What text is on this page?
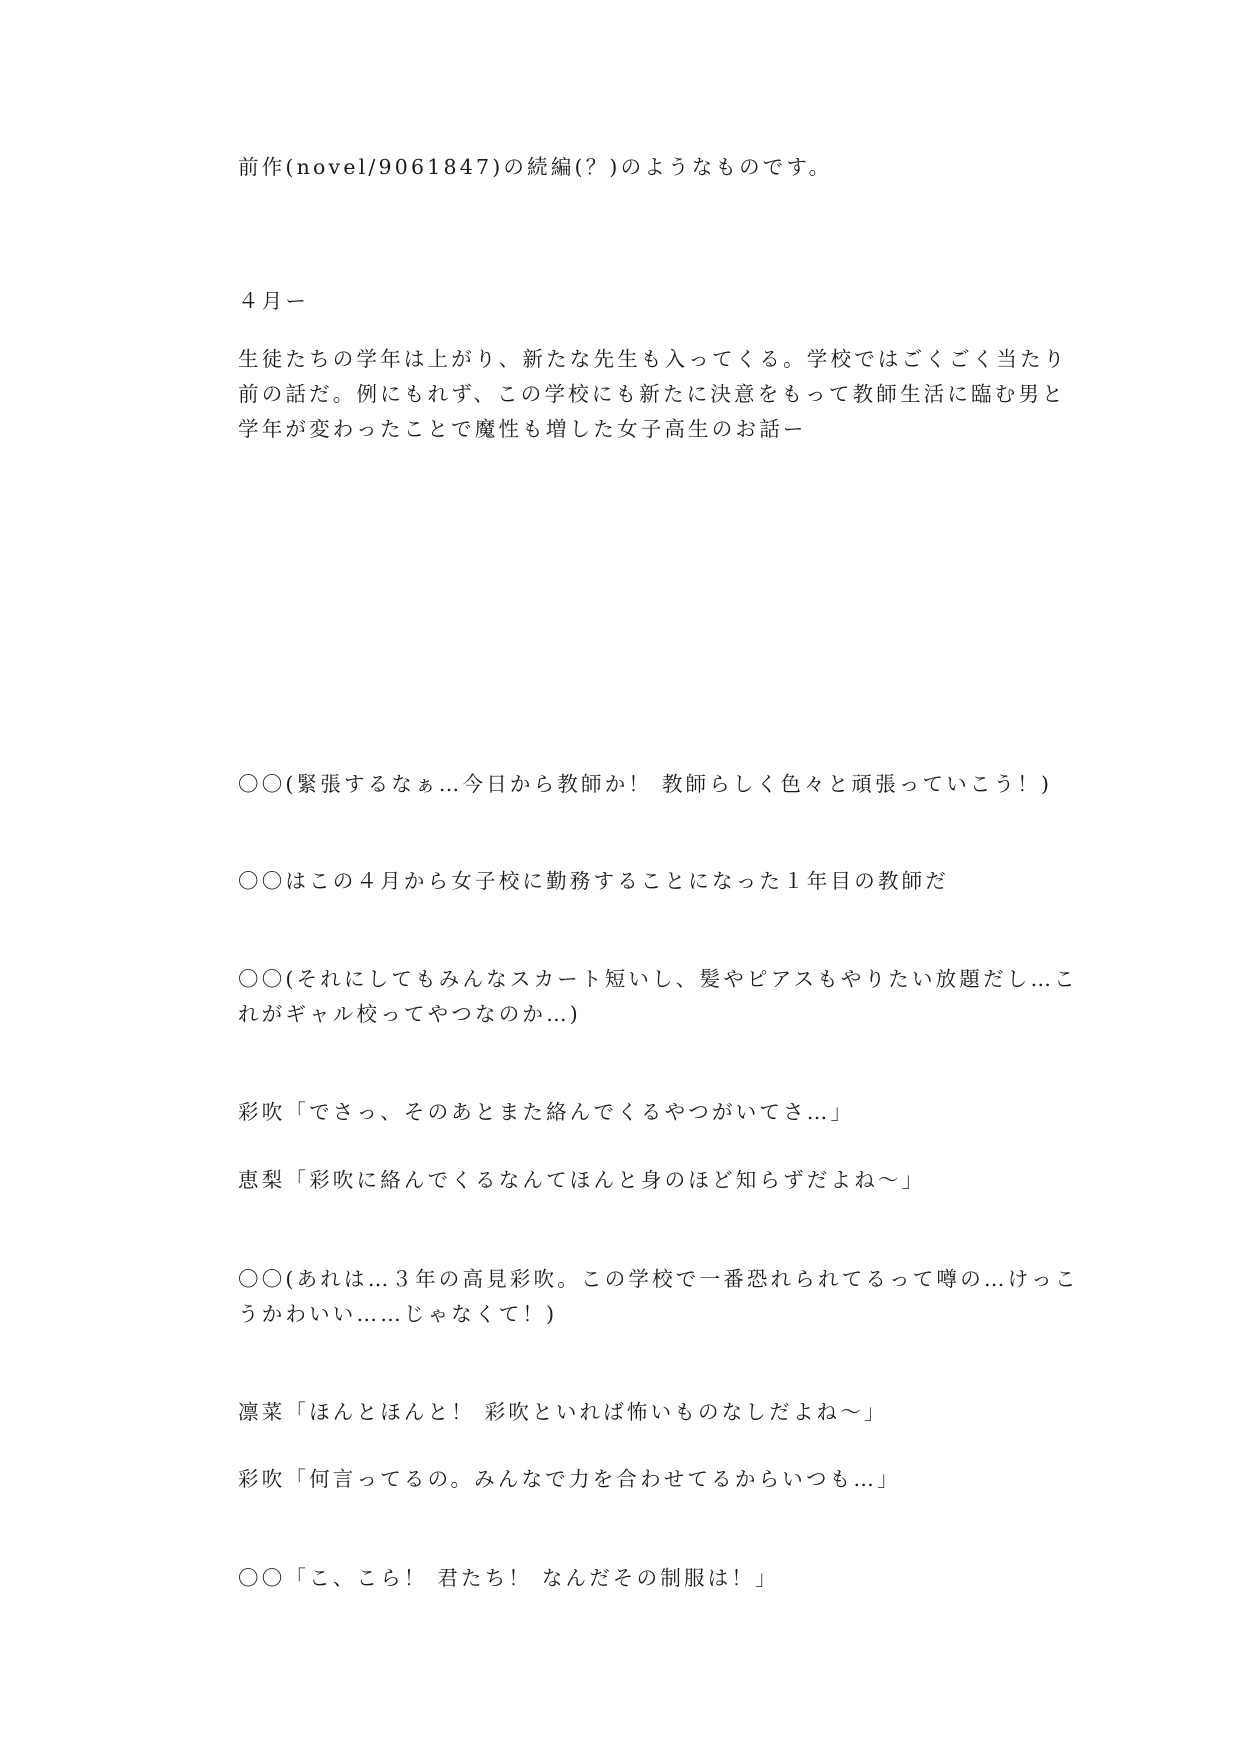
前作(novel/9061847)の続編(？)のようなものです。
４月ー
生徒たちの学年は上がり、新たな先生も入ってくる。学校ではごくごく当たり
前の話だ。例にもれず、この学校にも新たに決意をもって教師生活に臨む男と
学年が変わったことで魔性も増した女子高生のお話ー
〇〇(緊張するなぁ…今日から教師か！ 教師らしく色々と頑張っていこう！)
〇〇はこの４月から女子校に勤務することになった１年目の教師だ
〇〇(それにしてもみんなスカート短いし、髪やピアスもやりたい放題だし…こ
れがギャル校ってやつなのか…)
彩吹「でさっ、そのあとまた絡んでくるやつがいてさ…」
恵梨「彩吹に絡んでくるなんてほんと身のほど知らずだよね～」
〇〇(あれは…３年の高見彩吹。この学校で一番恐れられてるって噂の…けっこ
うかわいい……じゃなくて！)
凛菜「ほんとほんと！ 彩吹といれば怖いものなしだよね～」
彩吹「何言ってるの。みんなで力を合わせてるからいつも…」
〇〇「こ、こら！ 君たち！ なんだその制服は！」
